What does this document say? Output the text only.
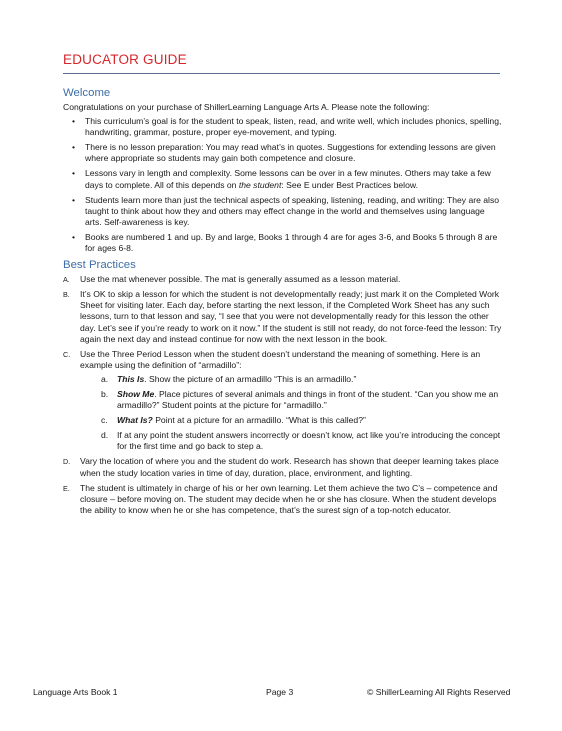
EDUCATOR GUIDE
Welcome

Congratulations on your purchase of ShillerLearning Language Arts A. Please note the following:

• This curriculum’s goal is for the student to speak, listen, read, and write well, which includes phonics, spelling, handwriting, grammar, posture, proper eye-movement, and typing.
• There is no lesson preparation: You may read what’s in quotes. Suggestions for extending lessons are given where appropriate so students may gain both competence and closure.
• Lessons vary in length and complexity. Some lessons can be over in a few minutes. Others may take a few days to complete. All of this depends on the student: See E under Best Practices below.
• Students learn more than just the technical aspects of speaking, listening, reading, and writing: They are also taught to think about how they and others may effect change in the world and themselves using language arts. Self-awareness is key.
• Books are numbered 1 and up. By and large, Books 1 through 4 are for ages 3-6, and Books 5 through 8 are for ages 6-8.
Best Practices
A. Use the mat whenever possible. The mat is generally assumed as a lesson material.
B. It’s OK to skip a lesson for which the student is not developmentally ready; just mark it on the Completed Work Sheet for visiting later. Each day, before starting the next lesson, if the Completed Work Sheet has any such lessons, turn to that lesson and say, “I see that you were not developmentally ready for this lesson the other day. Let’s see if you’re ready to work on it now.” If the student is still not ready, do not force-feed the lesson: Try again the next day and instead continue for now with the next lesson in the book.
C. Use the Three Period Lesson when the student doesn’t understand the meaning of something. Here is an example using the definition of “armadillo”:
a. This Is. Show the picture of an armadillo “This is an armadillo.”
b. Show Me. Place pictures of several animals and things in front of the student. “Can you show me an armadillo?” Student points at the picture for “armadillo.”
c. What Is? Point at a picture for an armadillo. “What is this called?”
d. If at any point the student answers incorrectly or doesn’t know, act like you’re introducing the concept for the first time and go back to step a.
D. Vary the location of where you and the student do work. Research has shown that deeper learning takes place when the study location varies in time of day, duration, place, environment, and lighting.
E. The student is ultimately in charge of his or her own learning. Let them achieve the two C’s – competence and closure – before moving on. The student may decide when he or she has closure. When the student develops the ability to know when he or she has competence, that’s the surest sign of a top-notch educator.
Language Arts Book 1	Page 3	© ShillerLearning All Rights Reserved
